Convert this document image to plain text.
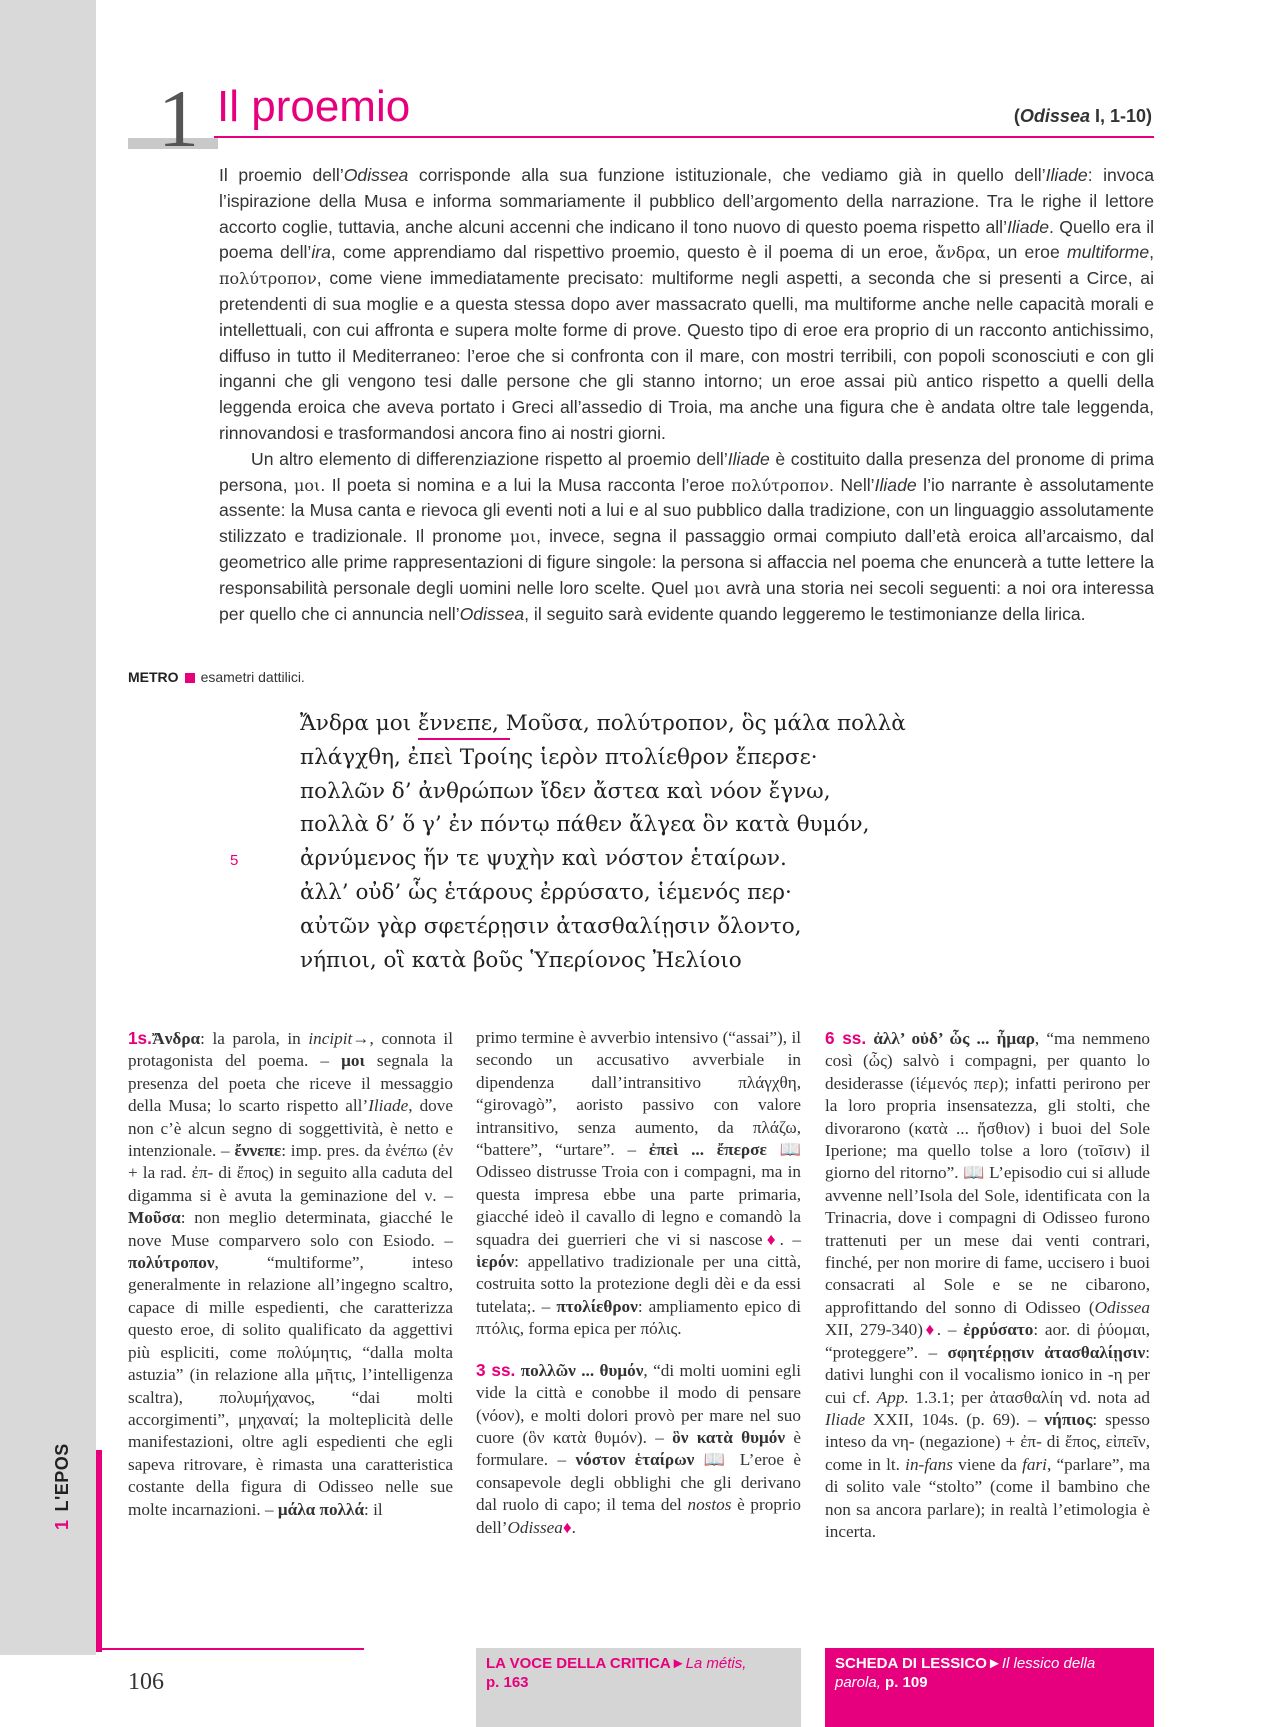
1L'EPOS
1 Il proemio	(Odissea I, 1-10)

Il proemio dell’Odissea corrisponde alla sua funzione istituzionale, che vediamo già in quello dell’Iliade: invoca l’ispirazione della Musa e informa sommariamente il pubblico dell’argomento della narrazione. Tra le righe il lettore accorto coglie, tuttavia, anche alcuni accenni che indicano il tono nuovo di questo poema rispetto all’Iliade. Quello era il poema dell’ira, come apprendiamo dal rispettivo proemio, questo è il poema di un eroe, ἄνδρα, un eroe multiforme, πολύτροπον, come viene immediatamente precisato: multiforme negli aspetti, a seconda che si presenti a Circe, ai pretendenti di sua moglie e a questa stessa dopo aver massacrato quelli, ma multiforme anche nelle capacità morali e intellettuali, con cui affronta e supera molte forme di prove. Questo tipo di eroe era proprio di un racconto antichissimo, diffuso in tutto il Mediterraneo: l’eroe che si confronta con il mare, con mostri terribili, con popoli sconosciuti e con gli inganni che gli vengono tesi dalle persone che gli stanno intorno; un eroe assai più antico rispetto a quelli della leggenda eroica che aveva portato i Greci all’assedio di Troia, ma anche una figura che è andata oltre tale leggenda, rinnovandosi e trasformandosi ancora fino ai nostri giorni.

Un altro elemento di differenziazione rispetto al proemio dell’Iliade è costituito dalla presenza del pronome di prima persona, μοι. Il poeta si nomina e a lui la Musa racconta l’eroe πολύτροπον. Nell’Iliade l’io narrante è assolutamente assente: la Musa canta e rievoca gli eventi noti a lui e al suo pubblico dalla tradizione, con un linguaggio assolutamente stilizzato e tradizionale. Il pronome μοι, invece, segna il passaggio ormai compiuto dall’età eroica all’arcaismo, dal geometrico alle prime rappresentazioni di figure singole: la persona si affaccia nel poema che enuncerà a tutte lettere la responsabilità personale degli uomini nelle loro scelte. Quel μοι avrà una storia nei secoli seguenti: a noi ora interessa per quello che ci annuncia nell’Odissea, il seguito sarà evidente quando leggeremo le testimonianze della lirica.

METRO esametri dattilici.
Ἄνδρα μοι ἔννεπε, Μοῦσα, πολύτροπον, ὃς μάλα πολλὰ
πλάγχθη, ἐπεὶ Τροίης ἱερὸν πτολίεθρον ἔπερσε·
πολλῶν δ’ ἀνθρώπων ἴδεν ἄστεα καὶ νόον ἔγνω,
πολλὰ δ’ ὅ γ’ ἐν πόντῳ πάθεν ἄλγεα ὃν κατὰ θυμόν,
ἀρνύμενος ἥν τε ψυχὴν καὶ νόστον ἑταίρων.
ἀλλ’ οὐδ’ ὧς ἑτάρους ἐρρύσατο, ἱέμενός περ·
αὐτῶν γὰρ σφετέρῃσιν ἀτασθαλίῃσιν ὄλοντο,
νήπιοι, οἳ κατὰ βοῦς Ὑπερίονος Ἠελίοιο
5

1s.Ἄνδρα: la parola, in incipit→, connota il protagonista del poema. – μοι segnala la presenza del poeta che riceve il messaggio della Musa; lo scarto rispetto all’Iliade, dove non c’è alcun segno di soggettività, è netto e intenzionale. – ἔννεπε: imp. pres. da ἐνέπω (ἐν + la rad. ἐπ- di ἔπος) in seguito alla caduta del digamma si è avuta la geminazione del ν. – Μοῦσα: non meglio determinata, giacché le nove Muse comparvero solo con Esiodo. – πολύτροπον, “multiforme”, inteso generalmente in relazione all’ingegno scaltro, capace di mille espedienti, che caratterizza questo eroe, di solito qualificato da aggettivi più espliciti, come πολύμητις, “dalla molta astuzia” (in relazione alla μῆτις, l’intelligenza scaltra), πολυμήχανος, “dai molti accorgimenti”, μηχαναί; la molteplicità delle manifestazioni, oltre agli espedienti che egli sapeva ritrovare, è rimasta una caratteristica costante della figura di Odisseo nelle sue molte incarnazioni. – μάλα πολλά: il

primo termine è avverbio intensivo (“assai”), il secondo un accusativo avverbiale in dipendenza dall’intransitivo πλάγχθη, “girovagò”, aoristo passivo con valore intransitivo, senza aumento, da πλάζω, “battere”, “urtare”. – ἐπεὶ ... ἔπερσε 📖 Odisseo distrusse Troia con i compagni, ma in questa impresa ebbe una parte primaria, giacché ideò il cavallo di legno e comandò la squadra dei guerrieri che vi si nascose♦. – ἱερόν: appellativo tradizionale per una città, costruita sotto la protezione degli dèi e da essi tutelata;. – πτολίεθρον: ampliamento epico di πτόλις, forma epica per πόλις.

3 ss. πολλῶν ... θυμόν, “di molti uomini egli vide la città e conobbe il modo di pensare (νόον), e molti dolori provò per mare nel suo cuore (ὃν κατὰ θυμόν). – ὃν κατὰ θυμόν è formulare. – νόστον ἑταίρων 📖 L’eroe è consapevole degli obblighi che gli derivano dal ruolo di capo; il tema del nostos è proprio dell’Odissea♦.

6 ss. ἀλλ’ οὐδ’ ὧς ... ἦμαρ, “ma nemmeno così (ὧς) salvò i compagni, per quanto lo desiderasse (ἱέμενός περ); infatti perirono per la loro propria insensatezza, gli stolti, che divorarono (κατὰ ... ἤσθιον) i buoi del Sole Iperione; ma quello tolse a loro (τοῖσιν) il giorno del ritorno”. 📖 L’episodio cui si allude avvenne nell’Isola del Sole, identificata con la Trinacria, dove i compagni di Odisseo furono trattenuti per un mese dai venti contrari, finché, per non morire di fame, uccisero i buoi consacrati al Sole e se ne cibarono, approfittando del sonno di Odisseo (Odissea XII, 279-340)♦. – ἐρρύσατο: aor. di ῥύομαι, “proteggere”. – σφητέρῃσιν ἀτασθαλίῃσιν: dativi lunghi con il vocalismo ionico in -η per cui cf. App. 1.3.1; per ἀτασθαλίη vd. nota ad Iliade XXII, 104s. (p. 69). – νήπιος: spesso inteso da νη- (negazione) + ἐπ- di ἔπος, εἰπεῖν, come in lt. in-fans viene da fari, “parlare”, ma di solito vale “stolto” (come il bambino che non sa ancora parlare); in realtà l’etimologia è incerta.

106
LA VOCE DELLA CRITICA►La métis,
p. 163
SCHEDA DI LESSICO►Il lessico della parola, p. 109
